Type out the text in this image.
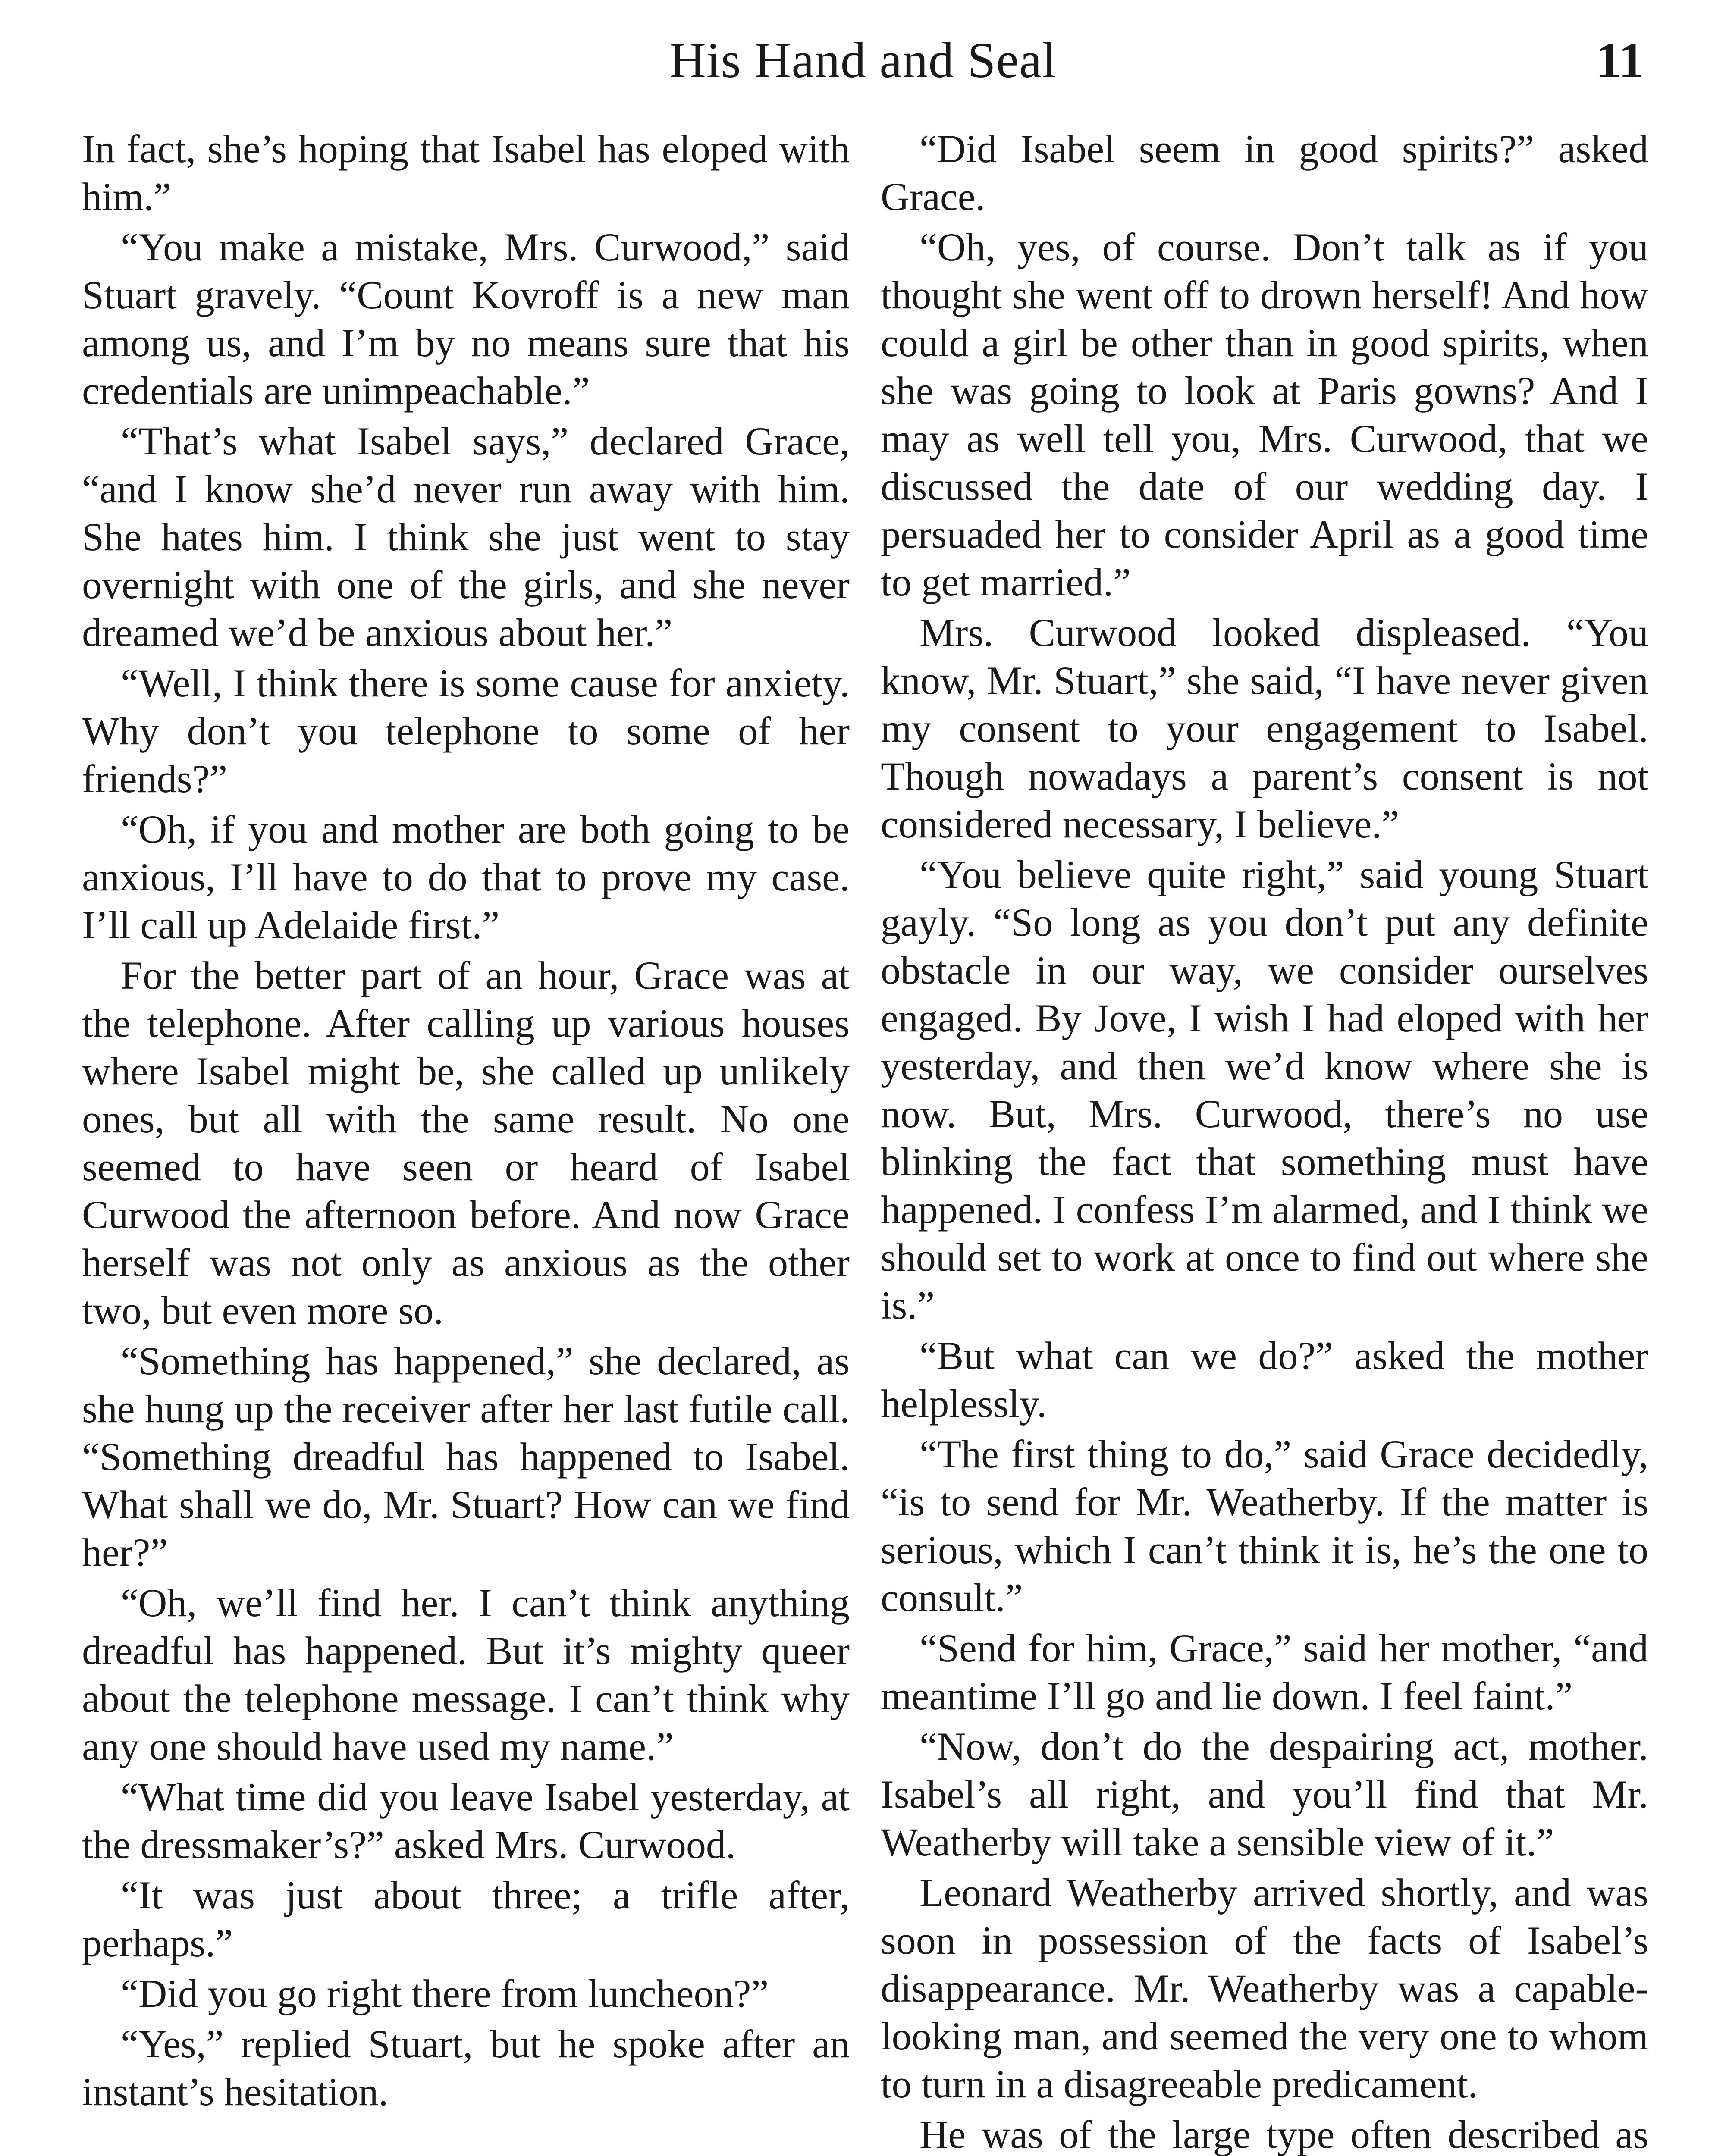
His Hand and Seal	11

In fact, she’s hoping that Isabel has eloped with him.”

“You make a mistake, Mrs. Curwood,” said Stuart gravely. “Count Kovroff is a new man among us, and I’m by no means sure that his credentials are unimpeachable.”

“That’s what Isabel says,” declared Grace, “and I know she’d never run away with him. She hates him. I think she just went to stay overnight with one of the girls, and she never dreamed we’d be anxious about her.”

“Well, I think there is some cause for anxiety. Why don’t you telephone to some of her friends?”

“Oh, if you and mother are both going to be anxious, I’ll have to do that to prove my case. I’ll call up Adelaide first.”

For the better part of an hour, Grace was at the telephone. After calling up various houses where Isabel might be, she called up unlikely ones, but all with the same result. No one seemed to have seen or heard of Isabel Curwood the afternoon before. And now Grace herself was not only as anxious as the other two, but even more so.

“Something has happened,” she declared, as she hung up the receiver after her last futile call. “Something dreadful has happened to Isabel. What shall we do, Mr. Stuart? How can we find her?”

“Oh, we’ll find her. I can’t think anything dreadful has happened. But it’s mighty queer about the telephone message. I can’t think why any one should have used my name.”

“What time did you leave Isabel yesterday, at the dressmaker’s?” asked Mrs. Curwood.

“It was just about three; a trifle after, perhaps.”

“Did you go right there from luncheon?”

“Yes,” replied Stuart, but he spoke after an instant’s hesitation.

“Did Isabel seem in good spirits?” asked Grace.

“Oh, yes, of course. Don’t talk as if you thought she went off to drown herself! And how could a girl be other than in good spirits, when she was going to look at Paris gowns? And I may as well tell you, Mrs. Curwood, that we discussed the date of our wedding day. I persuaded her to consider April as a good time to get married.”

Mrs. Curwood looked displeased. “You know, Mr. Stuart,” she said, “I have never given my consent to your engagement to Isabel. Though nowadays a parent’s consent is not considered necessary, I believe.”

“You believe quite right,” said young Stuart gayly. “So long as you don’t put any definite obstacle in our way, we consider ourselves engaged. By Jove, I wish I had eloped with her yesterday, and then we’d know where she is now. But, Mrs. Curwood, there’s no use blinking the fact that something must have happened. I confess I’m alarmed, and I think we should set to work at once to find out where she is.”

“But what can we do?” asked the mother helplessly.

“The first thing to do,” said Grace decidedly, “is to send for Mr. Weatherby. If the matter is serious, which I can’t think it is, he’s the one to consult.”

“Send for him, Grace,” said her mother, “and meantime I’ll go and lie down. I feel faint.”

“Now, don’t do the despairing act, mother. Isabel’s all right, and you’ll find that Mr. Weatherby will take a sensible view of it.”

Leonard Weatherby arrived shortly, and was soon in possession of the facts of Isabel’s disappearance. Mr. Weatherby was a capable-looking man, and seemed the very one to whom to turn in a disagreeable predicament.

He was of the large type often described as
